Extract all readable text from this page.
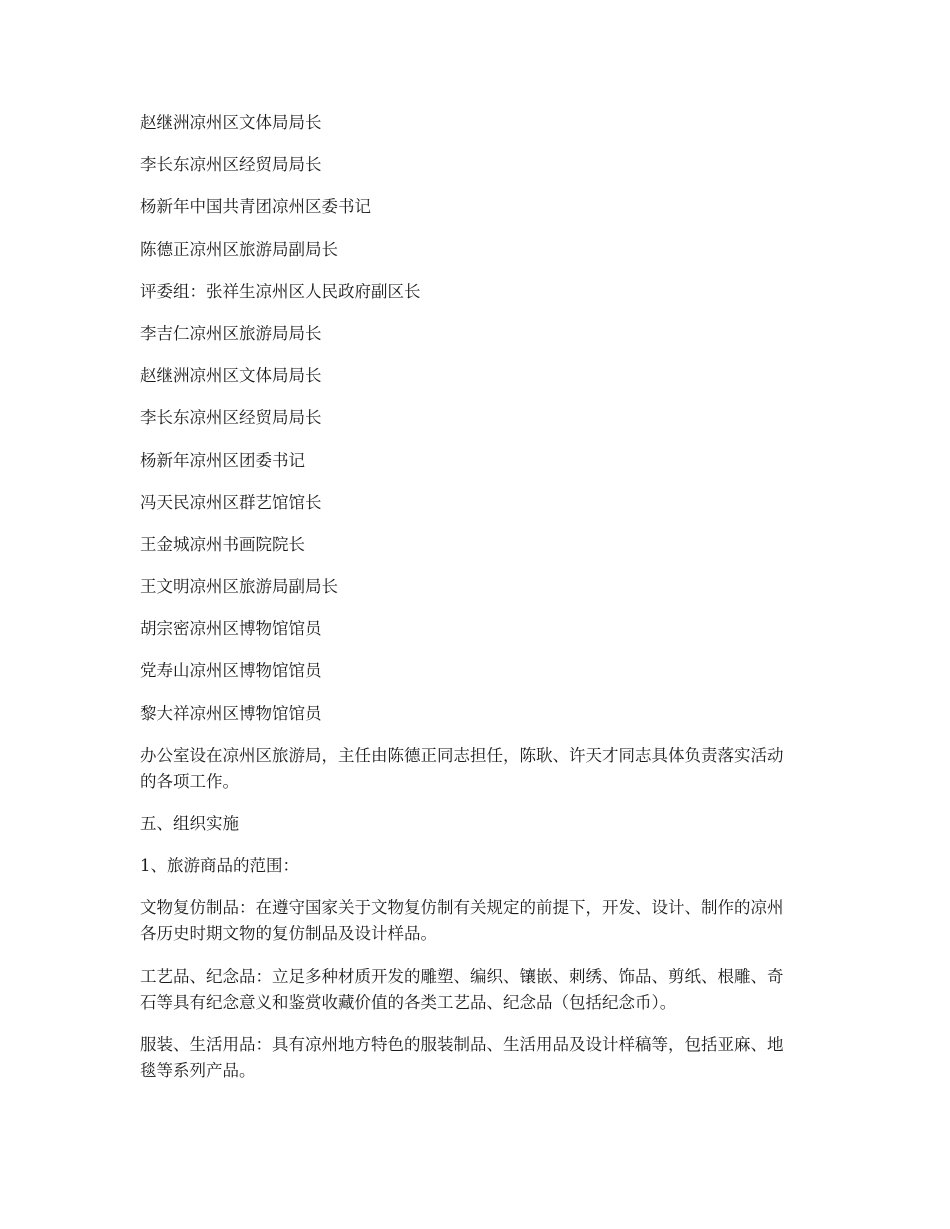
赵继洲凉州区文体局局长
李长东凉州区经贸局局长
杨新年中国共青团凉州区委书记
陈德正凉州区旅游局副局长
评委组：张祥生凉州区人民政府副区长
李吉仁凉州区旅游局局长
赵继洲凉州区文体局局长
李长东凉州区经贸局局长
杨新年凉州区团委书记
冯天民凉州区群艺馆馆长
王金城凉州书画院院长
王文明凉州区旅游局副局长
胡宗密凉州区博物馆馆员
党寿山凉州区博物馆馆员
黎大祥凉州区博物馆馆员
办公室设在凉州区旅游局，主任由陈德正同志担任，陈耿、许天才同志具体负责落实活动
的各项工作。
五、组织实施
1、旅游商品的范围：
文物复仿制品：在遵守国家关于文物复仿制有关规定的前提下，开发、设计、制作的凉州
各历史时期文物的复仿制品及设计样品。
工艺品、纪念品：立足多种材质开发的雕塑、编织、镶嵌、刺绣、饰品、剪纸、根雕、奇
石等具有纪念意义和鉴赏收藏价值的各类工艺品、纪念品（包括纪念币）。
服装、生活用品：具有凉州地方特色的服装制品、生活用品及设计样稿等，包括亚麻、地
毯等系列产品。
